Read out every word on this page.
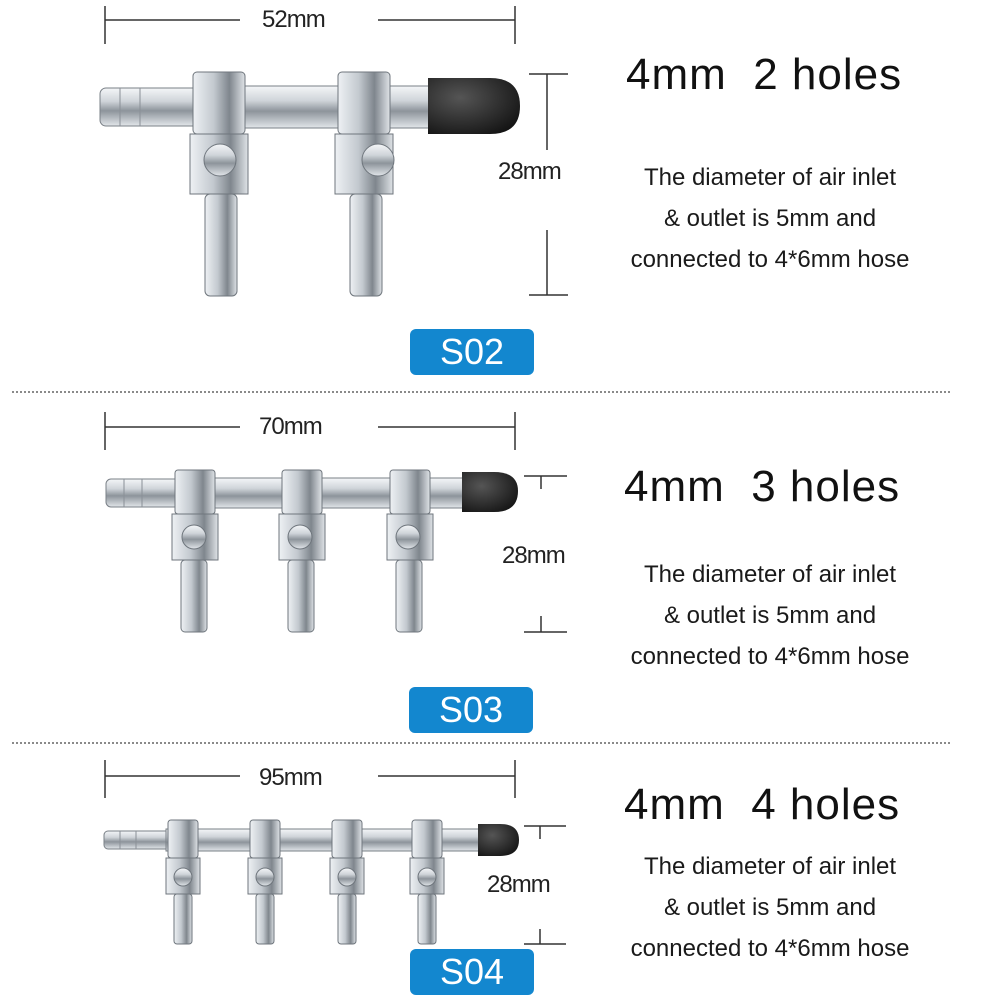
52mm
28mm
4mm 2 holes
The diameter of air inlet
& outlet is 5mm and
connected to 4*6mm hose
S02
70mm
28mm
4mm 3 holes
The diameter of air inlet
& outlet is 5mm and
connected to 4*6mm hose
S03
95mm
28mm
4mm 4 holes
The diameter of air inlet
& outlet is 5mm and
connected to 4*6mm hose
S04
